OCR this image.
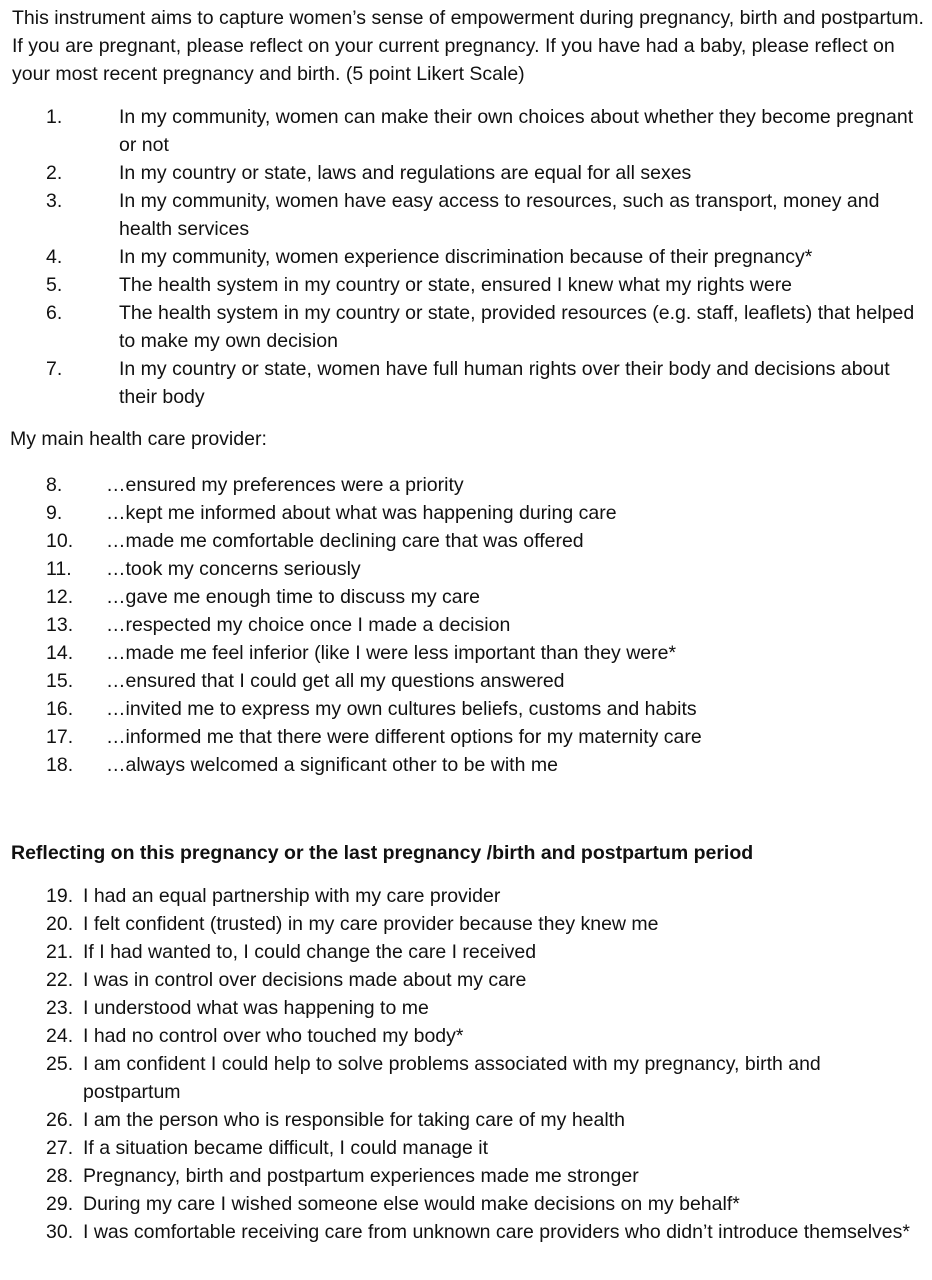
This instrument aims to capture women’s sense of empowerment during pregnancy, birth and postpartum. If you are pregnant, please reflect on your current pregnancy. If you have had a baby, please reflect on your most recent pregnancy and birth. (5 point Likert Scale)

1.	In my community, women can make their own choices about whether they become pregnant or not
2.	In my country or state, laws and regulations are equal for all sexes
3.	In my community, women have easy access to resources, such as transport, money and health services
4.	In my community, women experience discrimination because of their pregnancy*
5.	The health system in my country or state, ensured I knew what my rights were
6.	The health system in my country or state, provided resources (e.g. staff, leaflets) that helped to make my own decision
7.	In my country or state, women have full human rights over their body and decisions about their body
My main health care provider:
8.	…ensured my preferences were a priority
9.	…kept me informed about what was happening during care
10.	…made me comfortable declining care that was offered
11.	…took my concerns seriously
12.	…gave me enough time to discuss my care
13.	…respected my choice once I made a decision
14.	…made me feel inferior (like I were less important than they were*
15.	…ensured that I could get all my questions answered
16.	…invited me to express my own cultures beliefs, customs and habits
17.	…informed me that there were different options for my maternity care
18.	…always welcomed a significant other to be with me
Reflecting on this pregnancy or the last pregnancy /birth and postpartum period
19. I had an equal partnership with my care provider
20. I felt confident (trusted) in my care provider because they knew me
21. If I had wanted to, I could change the care I received
22. I was in control over decisions made about my care
23. I understood what was happening to me
24. I had no control over who touched my body*
25. I am confident I could help to solve problems associated with my pregnancy, birth and postpartum
26. I am the person who is responsible for taking care of my health
27. If a situation became difficult, I could manage it
28. Pregnancy, birth and postpartum experiences made me stronger
29. During my care I wished someone else would make decisions on my behalf*
30. I was comfortable receiving care from unknown care providers who didn’t introduce themselves*
